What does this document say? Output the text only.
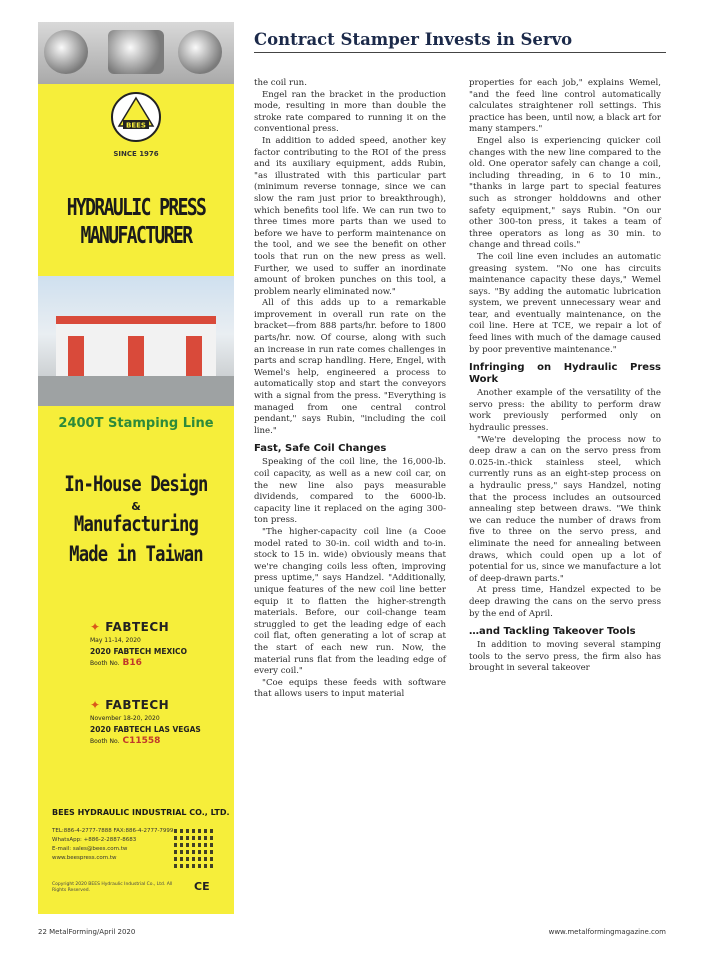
BEES
SINCE 1976
HYDRAULIC PRESS
MANUFACTURER
2400T Stamping Line
In-House Design
&
Manufacturing
Made in Taiwan
✦ FABTECH
May 11-14, 2020
2020 FABTECH MEXICO
Booth No. B16
✦ FABTECH
November 18-20, 2020
2020 FABTECH LAS VEGAS
Booth No. C11558
BEES HYDRAULIC INDUSTRIAL CO., LTD.
TEL:886-4-2777-7888 FAX:886-4-2777-7999
WhatsApp: +886-2-2887-8683
E-mail: sales@bees.com.tw
www.beespress.com.tw
Copyright 2020 BEES Hydraulic Industrial Co., Ltd. All Rights Reserved.	CE
Contract Stamper Invests in Servo

the coil run.

Engel ran the bracket in the production mode, resulting in more than double the stroke rate compared to running it on the conventional press.

In addition to added speed, another key factor contributing to the ROI of the press and its auxiliary equipment, adds Rubin, "as illustrated with this particular part (minimum reverse tonnage, since we can slow the ram just prior to breakthrough), which benefits tool life. We can run two to three times more parts than we used to before we have to perform maintenance on the tool, and we see the benefit on other tools that run on the new press as well. Further, we used to suffer an inordinate amount of broken punches on this tool, a problem nearly eliminated now."

All of this adds up to a remarkable improvement in overall run rate on the bracket—from 888 parts/hr. before to 1800 parts/hr. now. Of course, along with such an increase in run rate comes challenges in parts and scrap handling. Here, Engel, with Wemel's help, engineered a process to automatically stop and start the conveyors with a signal from the press. "Everything is managed from one central control pendant," says Rubin, "including the coil line."

Fast, Safe Coil Changes

Speaking of the coil line, the 16,000-lb. coil capacity, as well as a new coil car, on the new line also pays measurable dividends, compared to the 6000-lb. capacity line it replaced on the aging 300-ton press.

"The higher-capacity coil line (a Cooe model rated to 30-in. coil width and to-in. stock to 15 in. wide) obviously means that we're changing coils less often, improving press uptime," says Handzel. "Additionally, unique features of the new coil line better equip it to flatten the higher-strength materials. Before, our coil-change team struggled to get the leading edge of each coil flat, often generating a lot of scrap at the start of each new run. Now, the material runs flat from the leading edge of every coil."

"Coe equips these feeds with software that allows users to input material

properties for each job," explains Wemel, "and the feed line control automatically calculates straightener roll settings. This practice has been, until now, a black art for many stampers."

Engel also is experiencing quicker coil changes with the new line compared to the old. One operator safely can change a coil, including threading, in 6 to 10 min., "thanks in large part to special features such as stronger holddowns and other safety equipment," says Rubin. "On our other 300-ton press, it takes a team of three operators as long as 30 min. to change and thread coils."

The coil line even includes an automatic greasing system. "No one has circuits maintenance capacity these days," Wemel says. "By adding the automatic lubrication system, we prevent unnecessary wear and tear, and eventually maintenance, on the coil line. Here at TCE, we repair a lot of feed lines with much of the damage caused by poor preventive maintenance."

Infringing on Hydraulic Press Work

Another example of the versatility of the servo press: the ability to perform draw work previously performed only on hydraulic presses.

"We're developing the process now to deep draw a can on the servo press from 0.025-in.-thick stainless steel, which currently runs as an eight-step process on a hydraulic press," says Handzel, noting that the process includes an outsourced annealing step between draws. "We think we can reduce the number of draws from five to three on the servo press, and eliminate the need for annealing between draws, which could open up a lot of potential for us, since we manufacture a lot of deep-drawn parts."

At press time, Handzel expected to be deep drawing the cans on the servo press by the end of April.

…and Tackling Takeover Tools

In addition to moving several stamping tools to the servo press, the firm also has brought in several takeover

22 MetalForming/April 2020	www.metalformingmagazine.com
